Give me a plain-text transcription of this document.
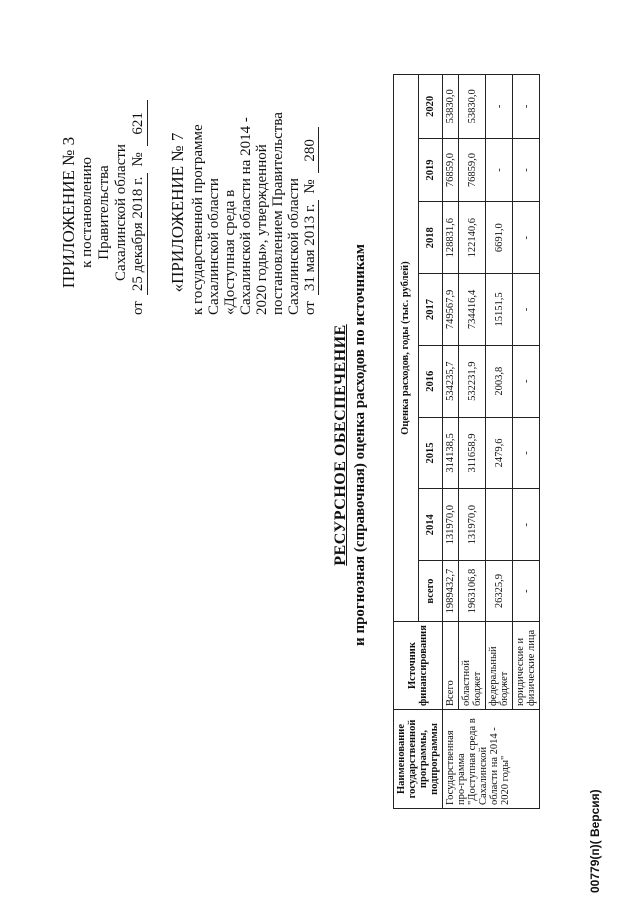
ПРИЛОЖЕНИЕ № 3 к постановлению Правительства Сахалинской области
от
25 декабря 2018 г.
№
621
«ПРИЛОЖЕНИЕ № 7 к государственной программе Сахалинской области «Доступная среда в Сахалинской области на 2014 - 2020 годы», утвержденной постановлением Правительства Сахалинской области от
31 мая 2013 г.
№
280
РЕСУРСНОЕ ОБЕСПЕЧЕНИЕ и прогнозная (справочная) оценка расходов по источникам
Наименование государственной программы, подпрограммы	Источник финансирования	Оценка расходов, годы (тыс. рублей)							
		всего	2014	2015	2016	2017	2018	2019	2020
Государственная про-грамма "Доступная среда в Сахалинской области на 2014 - 2020 годы"	Всего	1989432,7	131970,0	314138,5	534235,7	749567,9	128831,6	76859,0	53830,0
	областной бюджет	1963106,8	131970,0	311658,9	532231,9	734416,4	122140,6	76859,0	53830,0
	федеральный бюджет	26325,9		2479,6	2003,8	15151,5	6691,0	-	-
	юридические и физические лица	-	-	-	-	-	-	-	-
00779(п)( Версия)
